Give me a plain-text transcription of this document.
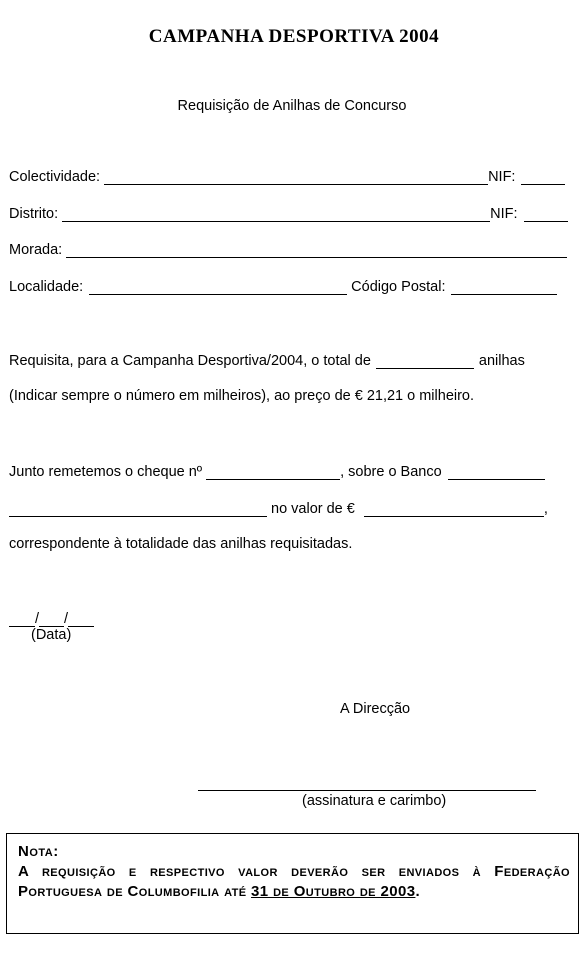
CAMPANHA DESPORTIVA 2004
Requisição de Anilhas de Concurso
Colectividade:	NIF:
Distrito:	NIF:
Morada:
Localidade:	Código Postal:
Requisita, para a Campanha Desportiva/2004, o total de	anilhas
(Indicar sempre o número em milheiros), ao preço de € 21,21 o milheiro.
Junto remetemos o cheque nº	, sobre o Banco
no valor de €	,
correspondente à totalidade das anilhas requisitadas.
/ /
(Data)
A Direcção
(assinatura e carimbo)
Nota:
A requisição e respectivo valor deverão ser enviados à Federação Portuguesa de Columbofilia até 31 de Outubro de 2003.
